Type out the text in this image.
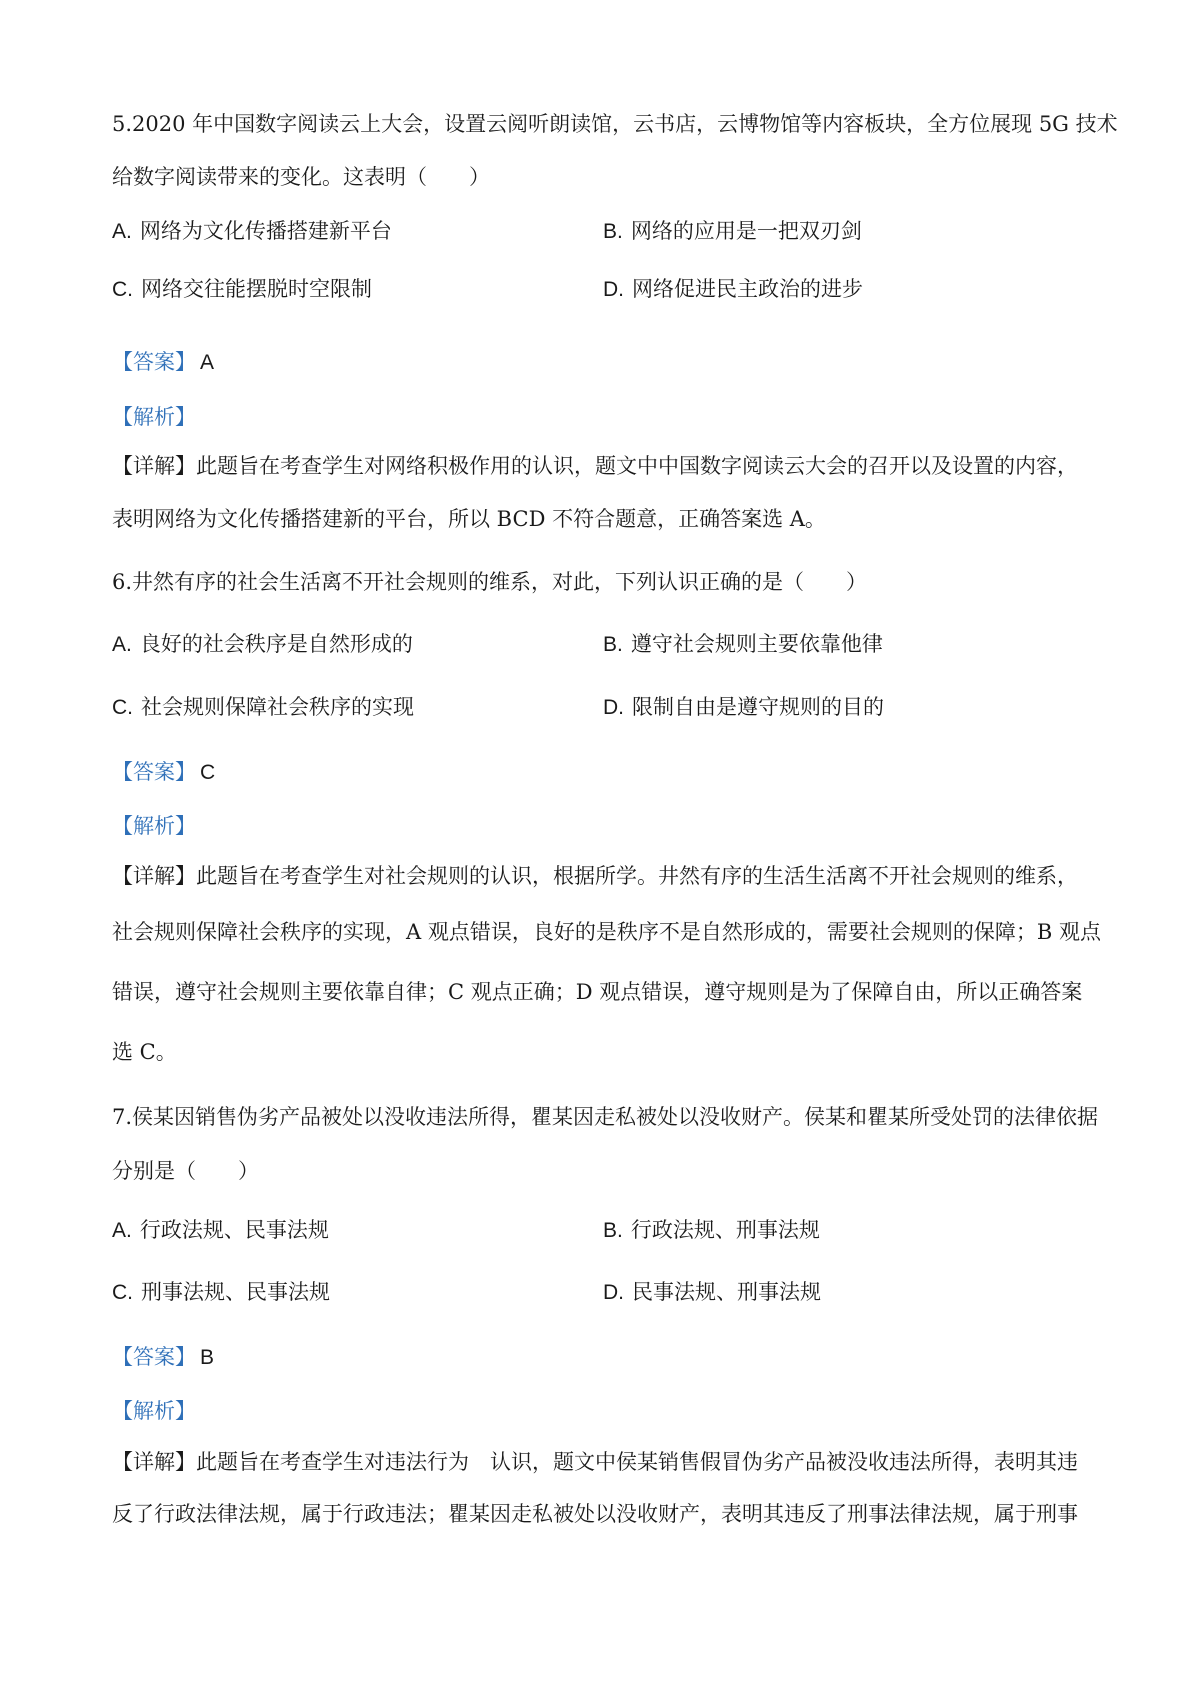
5.2020 年中国数字阅读云上大会，设置云阅听朗读馆，云书店，云博物馆等内容板块，全方位展现 5G 技术
给数字阅读带来的变化。这表明（　　）
A. 网络为文化传播搭建新平台	B. 网络的应用是一把双刃剑
C. 网络交往能摆脱时空限制	D. 网络促进民主政治的进步
【答案】 A
【解析】
【详解】此题旨在考查学生对网络积极作用的认识，题文中中国数字阅读云大会的召开以及设置的内容，
表明网络为文化传播搭建新的平台，所以 BCD 不符合题意，正确答案选 A。
6.井然有序的社会生活离不开社会规则的维系，对此，下列认识正确的是（　　）
A. 良好的社会秩序是自然形成的	B. 遵守社会规则主要依靠他律
C. 社会规则保障社会秩序的实现	D. 限制自由是遵守规则的目的
【答案】 C
【解析】
【详解】此题旨在考查学生对社会规则的认识，根据所学。井然有序的生活生活离不开社会规则的维系，
社会规则保障社会秩序的实现，A 观点错误，良好的是秩序不是自然形成的，需要社会规则的保障；B 观点
错误，遵守社会规则主要依靠自律；C 观点正确；D 观点错误，遵守规则是为了保障自由，所以正确答案
选 C。
7.侯某因销售伪劣产品被处以没收违法所得，瞿某因走私被处以没收财产。侯某和瞿某所受处罚的法律依据
分别是（　　）
A. 行政法规、民事法规	B. 行政法规、刑事法规
C. 刑事法规、民事法规	D. 民事法规、刑事法规
【答案】 B
【解析】
【详解】此题旨在考查学生对违法行为　认识，题文中侯某销售假冒伪劣产品被没收违法所得，表明其违
反了行政法律法规，属于行政违法；瞿某因走私被处以没收财产，表明其违反了刑事法律法规，属于刑事
